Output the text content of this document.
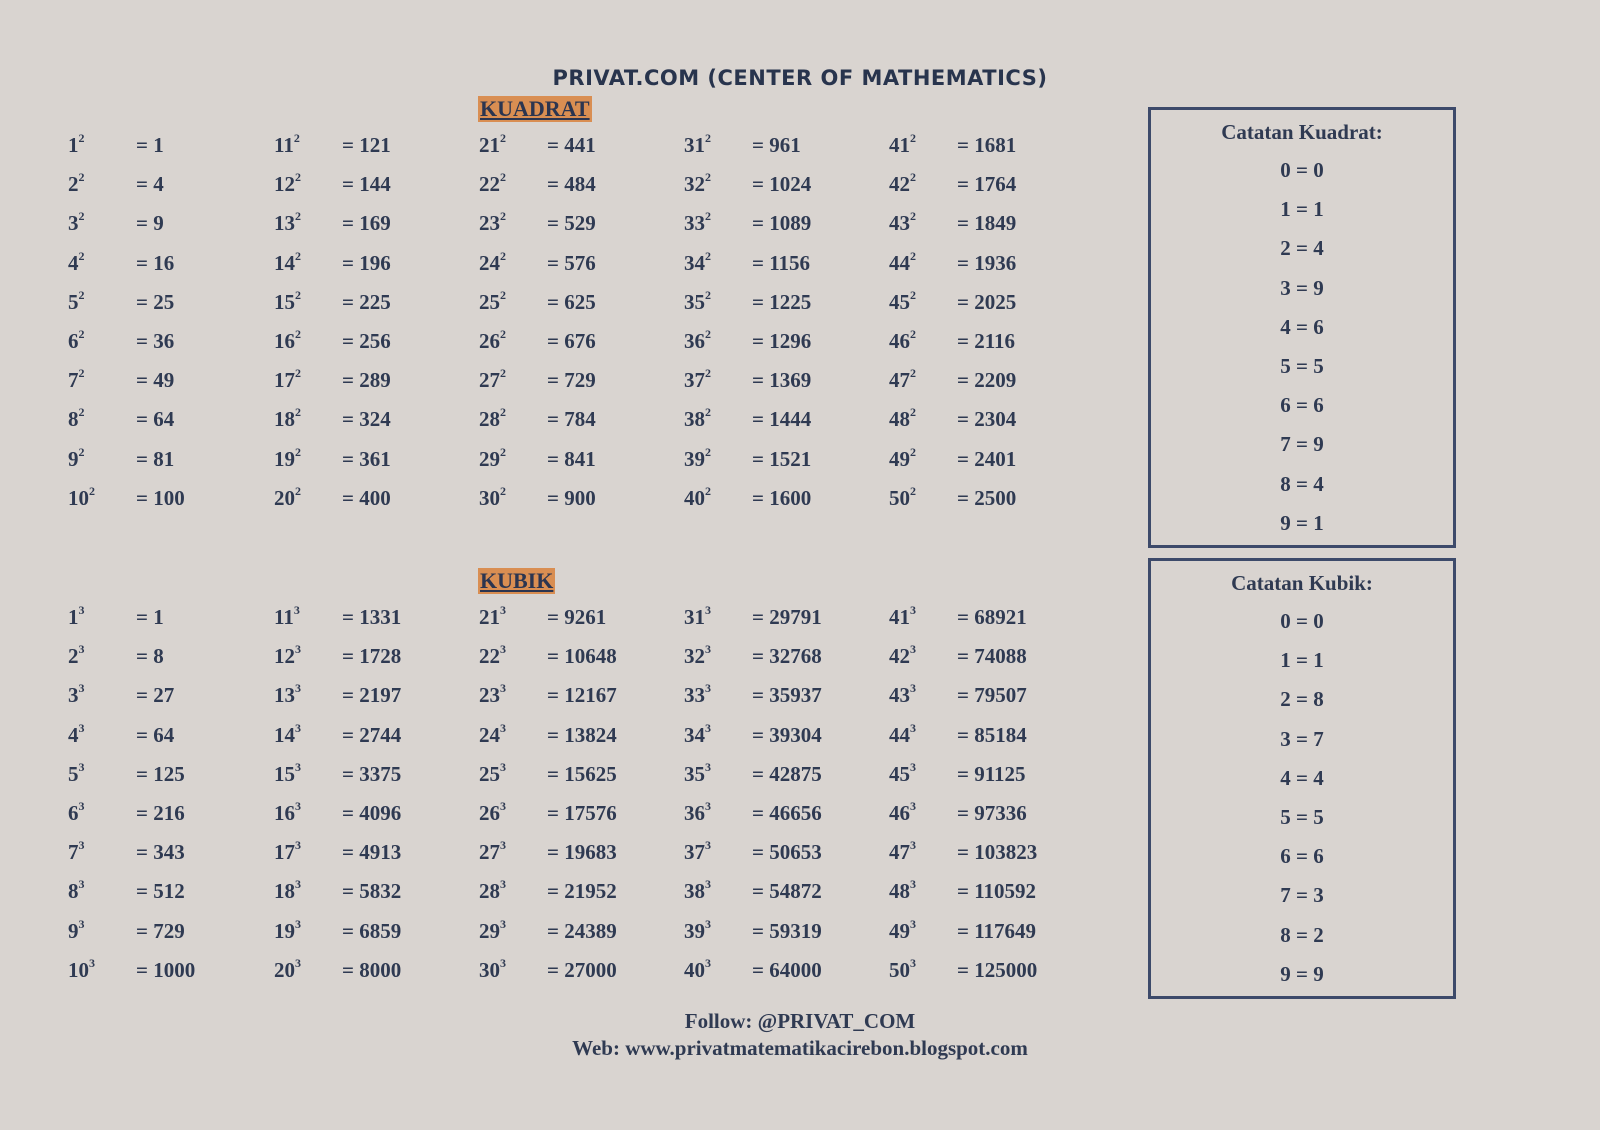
PRIVAT.COM (CENTER OF MATHEMATICS)
KUADRAT
KUBIK
$1^2 = 1$
$2^2 = 4$
$3^2 = 9$
$4^2 = 16$
$5^2 = 25$
$6^2 = 36$
$7^2 = 49$
$8^2 = 64$
$9^2 = 81$
$10^2 = 100$
$11^2 = 121$
$12^2 = 144$
$13^2 = 169$
$14^2 = 196$
$15^2 = 225$
$16^2 = 256$
$17^2 = 289$
$18^2 = 324$
$19^2 = 361$
$20^2 = 400$
$21^2 = 441$
$22^2 = 484$
$23^2 = 529$
$24^2 = 576$
$25^2 = 625$
$26^2 = 676$
$27^2 = 729$
$28^2 = 784$
$29^2 = 841$
$30^2 = 900$
$31^2 = 961$
$32^2 = 1024$
$33^2 = 1089$
$34^2 = 1156$
$35^2 = 1225$
$36^2 = 1296$
$37^2 = 1369$
$38^2 = 1444$
$39^2 = 1521$
$40^2 = 1600$
$41^2 = 1681$
$42^2 = 1764$
$43^2 = 1849$
$44^2 = 1936$
$45^2 = 2025$
$46^2 = 2116$
$47^2 = 2209$
$48^2 = 2304$
$49^2 = 2401$
$50^2 = 2500$
$1^3 = 1$
$2^3 = 8$
$3^3 = 27$
$4^3 = 64$
$5^3 = 125$
$6^3 = 216$
$7^3 = 343$
$8^3 = 512$
$9^3 = 729$
$10^3 = 1000$
$11^3 = 1331$
$12^3 = 1728$
$13^3 = 2197$
$14^3 = 2744$
$15^3 = 3375$
$16^3 = 4096$
$17^3 = 4913$
$18^3 = 5832$
$19^3 = 6859$
$20^3 = 8000$
$21^3 = 9261$
$22^3 = 10648$
$23^3 = 12167$
$24^3 = 13824$
$25^3 = 15625$
$26^3 = 17576$
$27^3 = 19683$
$28^3 = 21952$
$29^3 = 24389$
$30^3 = 27000$
$31^3 = 29791$
$32^3 = 32768$
$33^3 = 35937$
$34^3 = 39304$
$35^3 = 42875$
$36^3 = 46656$
$37^3 = 50653$
$38^3 = 54872$
$39^3 = 59319$
$40^3 = 64000$
$41^3 = 68921$
$42^3 = 74088$
$43^3 = 79507$
$44^3 = 85184$
$45^3 = 91125$
$46^3 = 97336$
$47^3 = 103823$
$48^3 = 110592$
$49^3 = 117649$
$50^3 = 125000$
Catatan Kuadrat:
0 = 0
1 = 1
2 = 4
3 = 9
4 = 6
5 = 5
6 = 6
7 = 9
8 = 4
9 = 1
Catatan Kubik:
0 = 0
1 = 1
2 = 8
3 = 7
4 = 4
5 = 5
6 = 6
7 = 3
8 = 2
9 = 9
Follow: @PRIVAT_COM
Web: www.privatmatematikacirebon.blogspot.com
